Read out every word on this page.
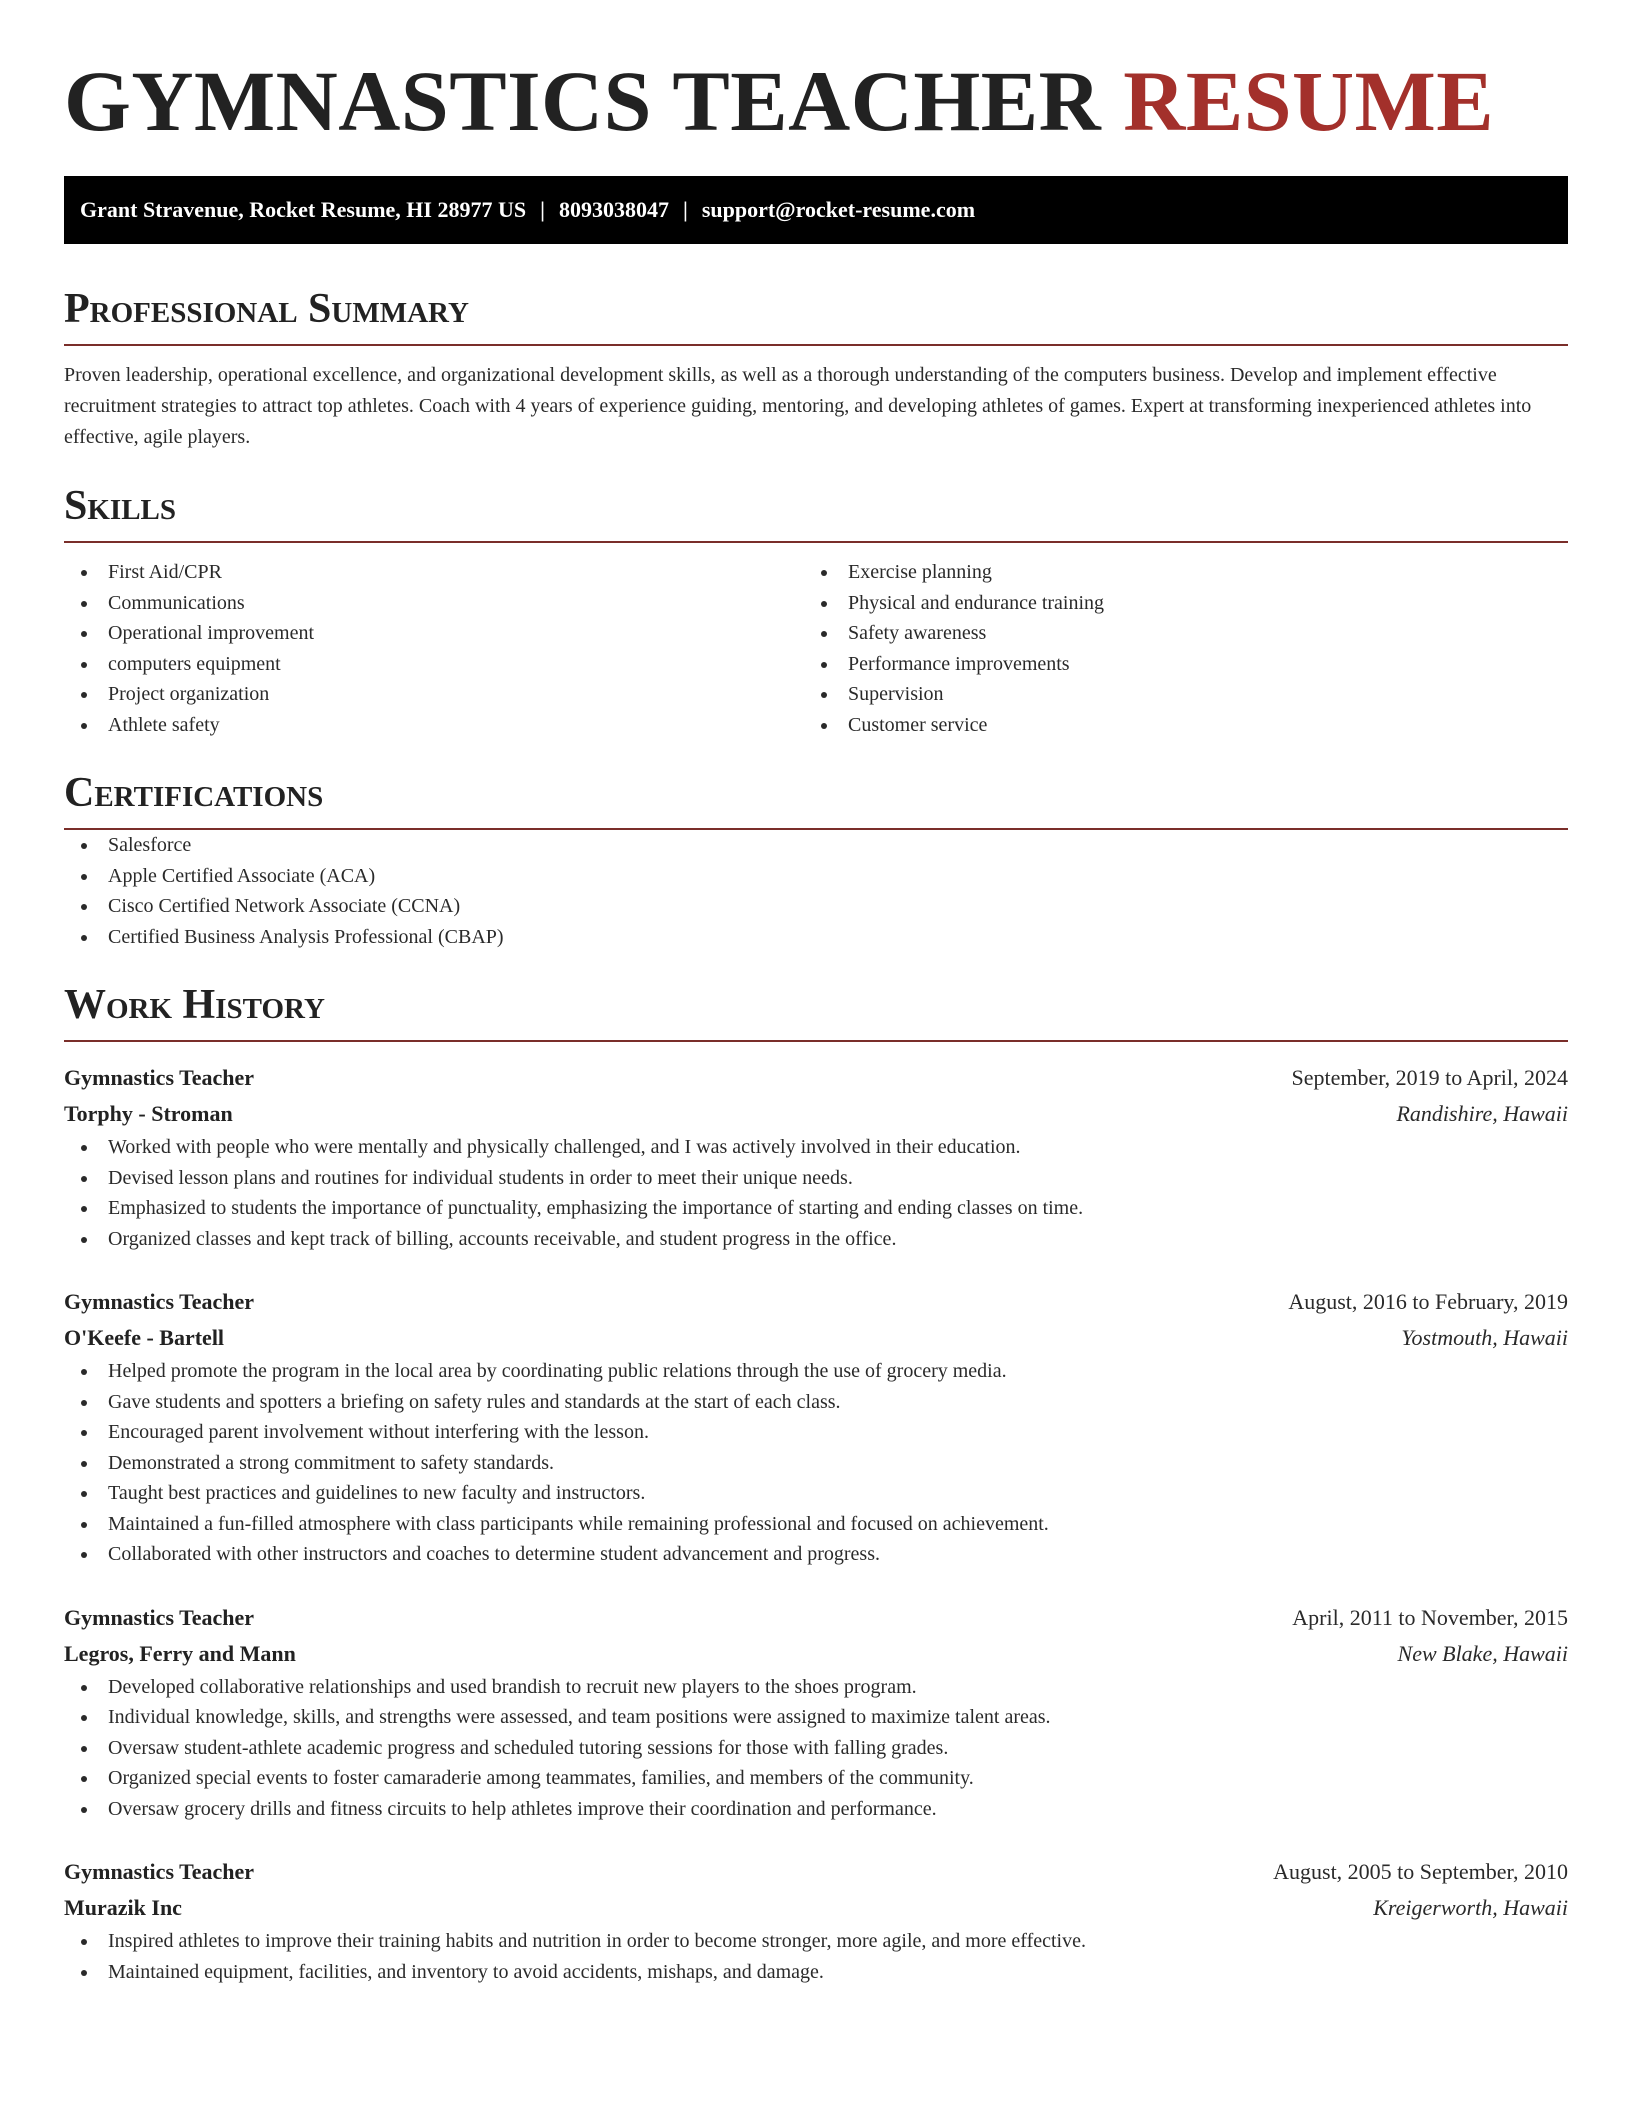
GYMNASTICS TEACHER RESUME
Grant Stravenue, Rocket Resume, HI 28977 US | 8093038047 | support@rocket-resume.com
Professional Summary

Proven leadership, operational excellence, and organizational development skills, as well as a thorough understanding of the computers business. Develop and implement effective recruitment strategies to attract top athletes. Coach with 4 years of experience guiding, mentoring, and developing athletes of games. Expert at transforming inexperienced athletes into effective, agile players.

Skills
First Aid/CPR
Communications
Operational improvement
computers equipment
Project organization
Athlete safety
Exercise planning
Physical and endurance training
Safety awareness
Performance improvements
Supervision
Customer service
Certifications
Salesforce
Apple Certified Associate (ACA)
Cisco Certified Network Associate (CCNA)
Certified Business Analysis Professional (CBAP)
Work History
Gymnastics Teacher	September, 2019 to April, 2024
Torphy - Stroman	Randishire, Hawaii
Worked with people who were mentally and physically challenged, and I was actively involved in their education.
Devised lesson plans and routines for individual students in order to meet their unique needs.
Emphasized to students the importance of punctuality, emphasizing the importance of starting and ending classes on time.
Organized classes and kept track of billing, accounts receivable, and student progress in the office.
Gymnastics Teacher	August, 2016 to February, 2019
O'Keefe - Bartell	Yostmouth, Hawaii
Helped promote the program in the local area by coordinating public relations through the use of grocery media.
Gave students and spotters a briefing on safety rules and standards at the start of each class.
Encouraged parent involvement without interfering with the lesson.
Demonstrated a strong commitment to safety standards.
Taught best practices and guidelines to new faculty and instructors.
Maintained a fun-filled atmosphere with class participants while remaining professional and focused on achievement.
Collaborated with other instructors and coaches to determine student advancement and progress.
Gymnastics Teacher	April, 2011 to November, 2015
Legros, Ferry and Mann	New Blake, Hawaii
Developed collaborative relationships and used brandish to recruit new players to the shoes program.
Individual knowledge, skills, and strengths were assessed, and team positions were assigned to maximize talent areas.
Oversaw student-athlete academic progress and scheduled tutoring sessions for those with falling grades.
Organized special events to foster camaraderie among teammates, families, and members of the community.
Oversaw grocery drills and fitness circuits to help athletes improve their coordination and performance.
Gymnastics Teacher	August, 2005 to September, 2010
Murazik Inc	Kreigerworth, Hawaii
Inspired athletes to improve their training habits and nutrition in order to become stronger, more agile, and more effective.
Maintained equipment, facilities, and inventory to avoid accidents, mishaps, and damage.
